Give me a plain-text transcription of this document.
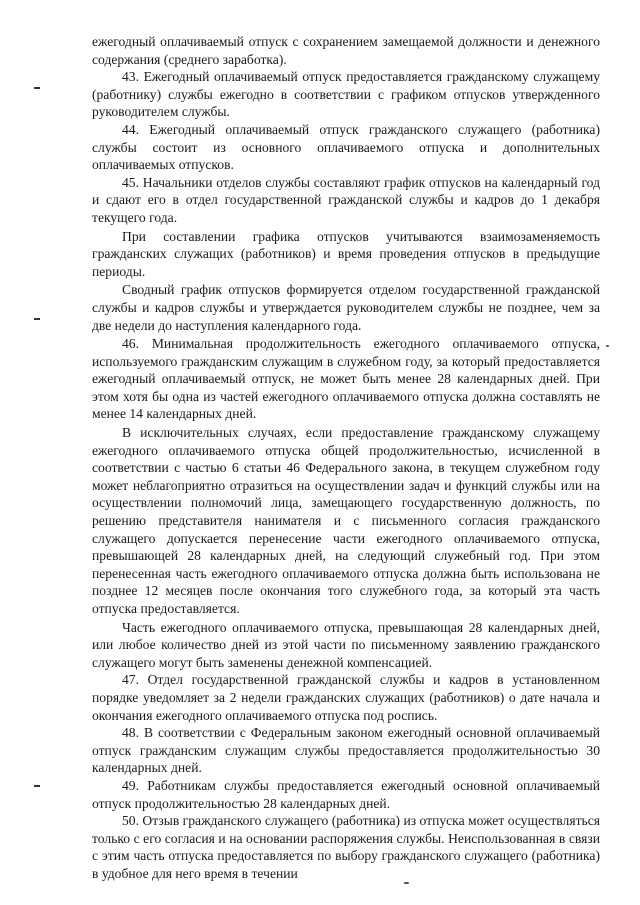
ежегодный оплачиваемый отпуск с сохранением замещаемой должности и денежного содержания (среднего заработка).

43. Ежегодный оплачиваемый отпуск предоставляется гражданскому служащему (работнику) службы ежегодно в соответствии с графиком отпусков утвержденного руководителем службы.

44. Ежегодный оплачиваемый отпуск гражданского служащего (работника) службы состоит из основного оплачиваемого отпуска и дополнительных оплачиваемых отпусков.

45. Начальники отделов службы составляют график отпусков на календарный год и сдают его в отдел государственной гражданской службы и кадров до 1 декабря текущего года.

При составлении графика отпусков учитываются взаимозаменяемость гражданских служащих (работников) и время проведения отпусков в предыдущие периоды.

Сводный график отпусков формируется отделом государственной гражданской службы и кадров службы и утверждается руководителем службы не позднее, чем за две недели до наступления календарного года.

46. Минимальная продолжительность ежегодного оплачиваемого отпуска, используемого гражданским служащим в служебном году, за который предоставляется ежегодный оплачиваемый отпуск, не может быть менее 28 календарных дней. При этом хотя бы одна из частей ежегодного оплачиваемого отпуска должна составлять не менее 14 календарных дней.

В исключительных случаях, если предоставление гражданскому служащему ежегодного оплачиваемого отпуска общей продолжительностью, исчисленной в соответствии с частью 6 статьи 46 Федерального закона, в текущем служебном году может неблагоприятно отразиться на осуществлении задач и функций службы или на осуществлении полномочий лица, замещающего государственную должность, по решению представителя нанимателя и с письменного согласия гражданского служащего допускается перенесение части ежегодного оплачиваемого отпуска, превышающей 28 календарных дней, на следующий служебный год. При этом перенесенная часть ежегодного оплачиваемого отпуска должна быть использована не позднее 12 месяцев после окончания того служебного года, за который эта часть отпуска предоставляется.

Часть ежегодного оплачиваемого отпуска, превышающая 28 календарных дней, или любое количество дней из этой части по письменному заявлению гражданского служащего могут быть заменены денежной компенсацией.

47. Отдел государственной гражданской службы и кадров в установленном порядке уведомляет за 2 недели гражданских служащих (работников) о дате начала и окончания ежегодного оплачиваемого отпуска под роспись.

48. В соответствии с Федеральным законом ежегодный основной оплачиваемый отпуск гражданским служащим службы предоставляется продолжительностью 30 календарных дней.

49. Работникам службы предоставляется ежегодный основной оплачиваемый отпуск продолжительностью 28 календарных дней.

50. Отзыв гражданского служащего (работника) из отпуска может осуществляться только с его согласия и на основании распоряжения службы. Неиспользованная в связи с этим часть отпуска предоставляется по выбору гражданского служащего (работника) в удобное для него время в течении
